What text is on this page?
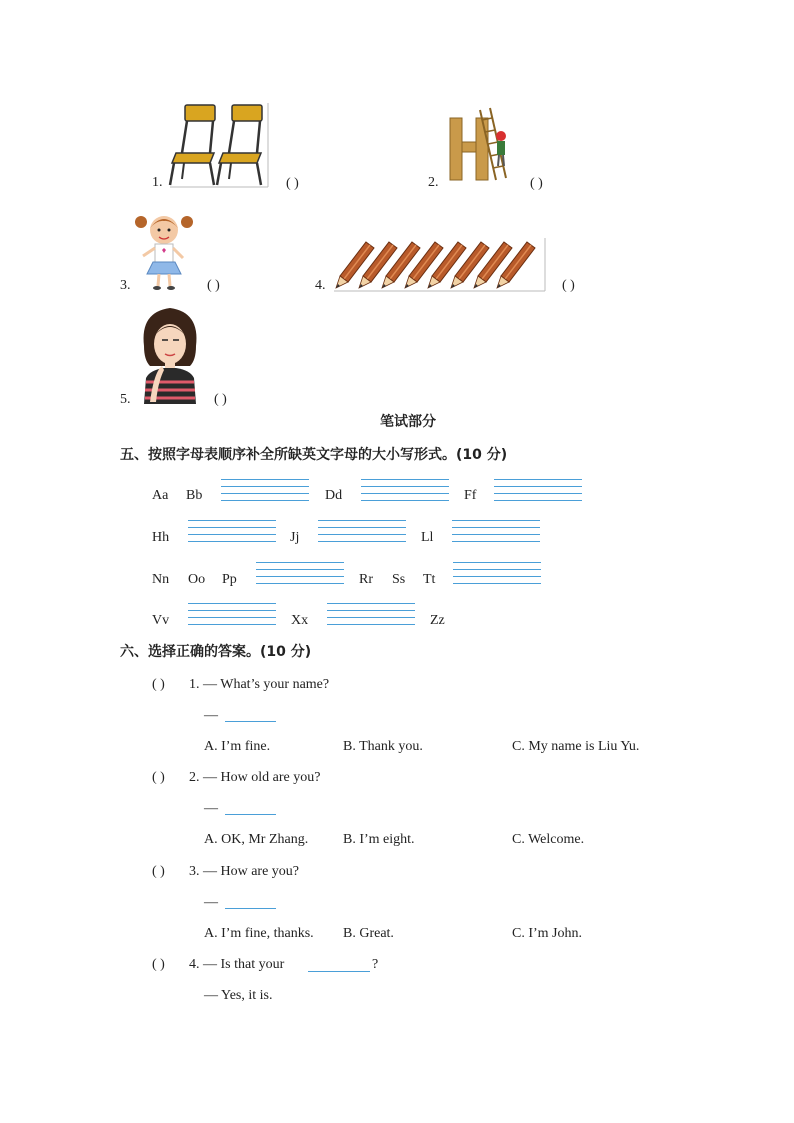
1.	( )	2.	( )
3.	( )	4.	( )
5.	( )
笔试部分
五、按照字母表顺序补全所缺英文字母的大小写形式。(10 分)
Aa Bb	Dd	Ff
Hh	Jj	Ll
Nn Oo Pp	Rr Ss Tt
Vv	Xx	Zz
六、选择正确的答案。(10 分)
( ) 1. — What’s your name?
—
A. I’m fine.	B. Thank you.	C. My name is Liu Yu.
( ) 2. — How old are you?
—
A. OK, Mr Zhang. B. I’m eight.	C. Welcome.
( ) 3. — How are you?
—
A. I’m fine, thanks. B. Great.	C. I’m John.
( ) 4. — Is that your	?
— Yes, it is.
